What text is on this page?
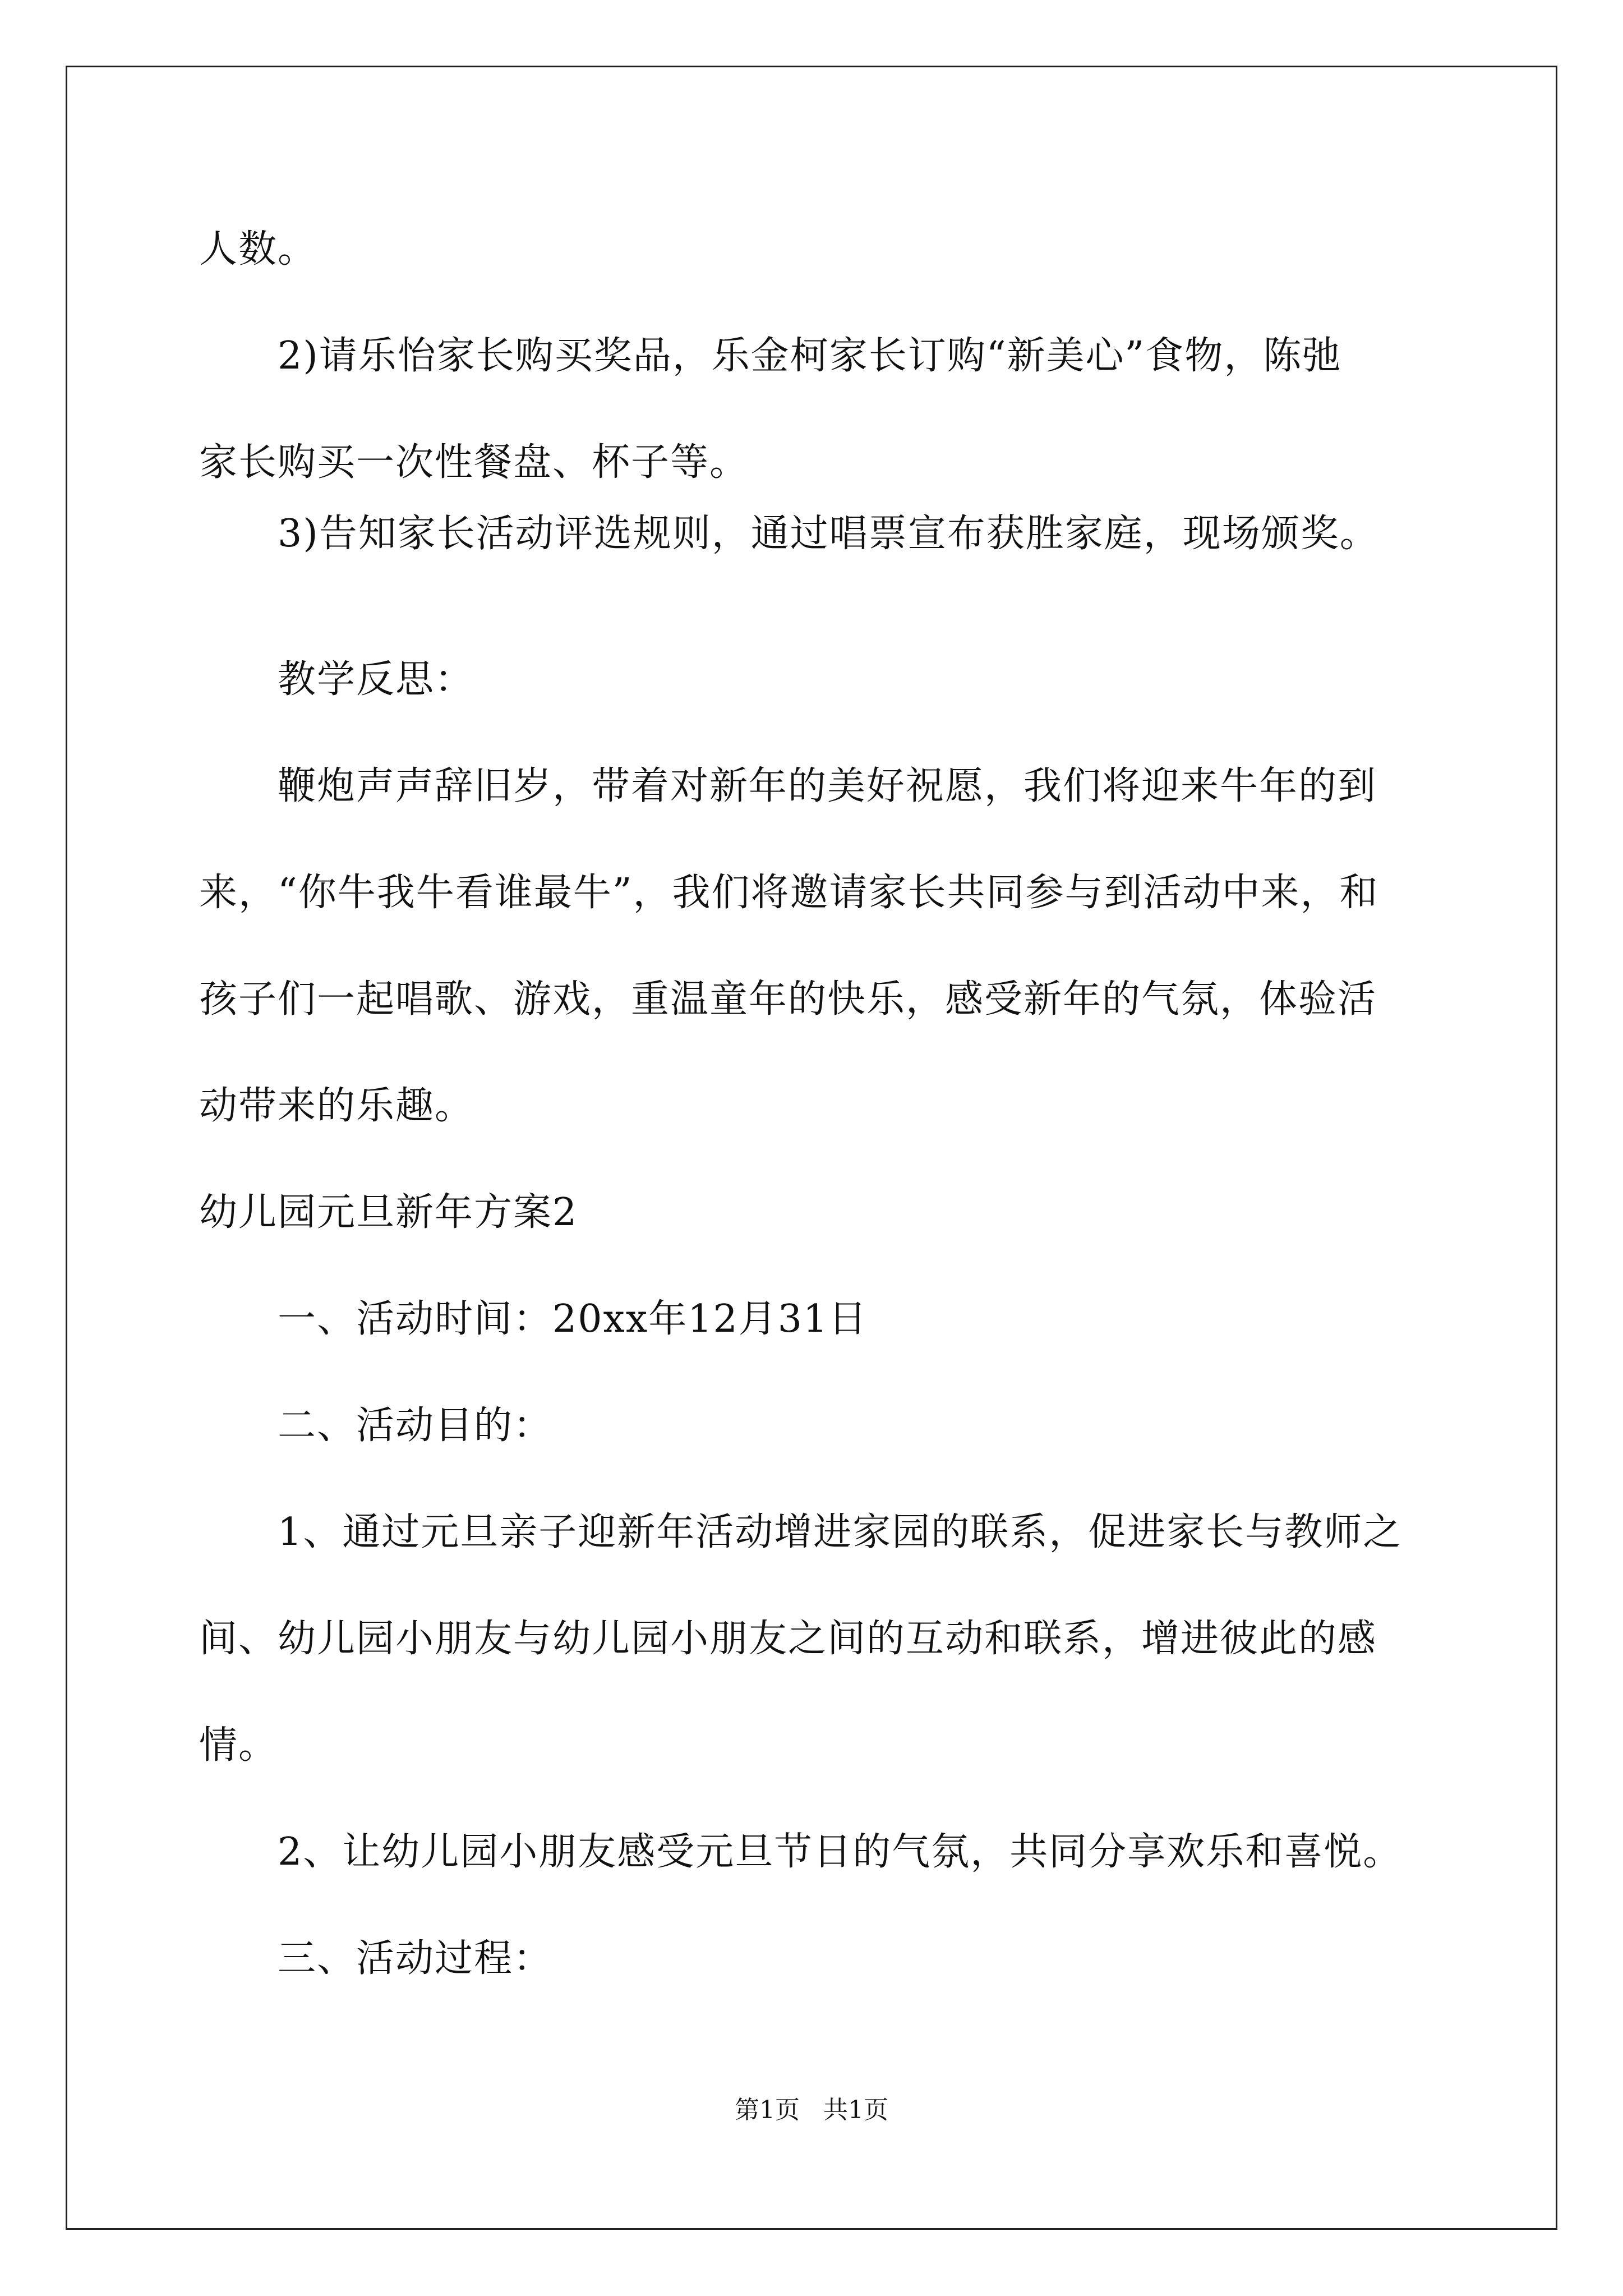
人数。
2)请乐怡家长购买奖品，乐金柯家长订购“新美心”食物，陈弛
家长购买一次性餐盘、杯子等。
3)告知家长活动评选规则，通过唱票宣布获胜家庭，现场颁奖。
教学反思：
鞭炮声声辞旧岁，带着对新年的美好祝愿，我们将迎来牛年的到
来，“你牛我牛看谁最牛”，我们将邀请家长共同参与到活动中来，和
孩子们一起唱歌、游戏，重温童年的快乐，感受新年的气氛，体验活
动带来的乐趣。
幼儿园元旦新年方案2
一、活动时间：20xx年12月31日
二、活动目的：
1、通过元旦亲子迎新年活动增进家园的联系，促进家长与教师之
间、幼儿园小朋友与幼儿园小朋友之间的互动和联系，增进彼此的感
情。
2、让幼儿园小朋友感受元旦节日的气氛，共同分享欢乐和喜悦。
三、活动过程：
第1页   共1页
